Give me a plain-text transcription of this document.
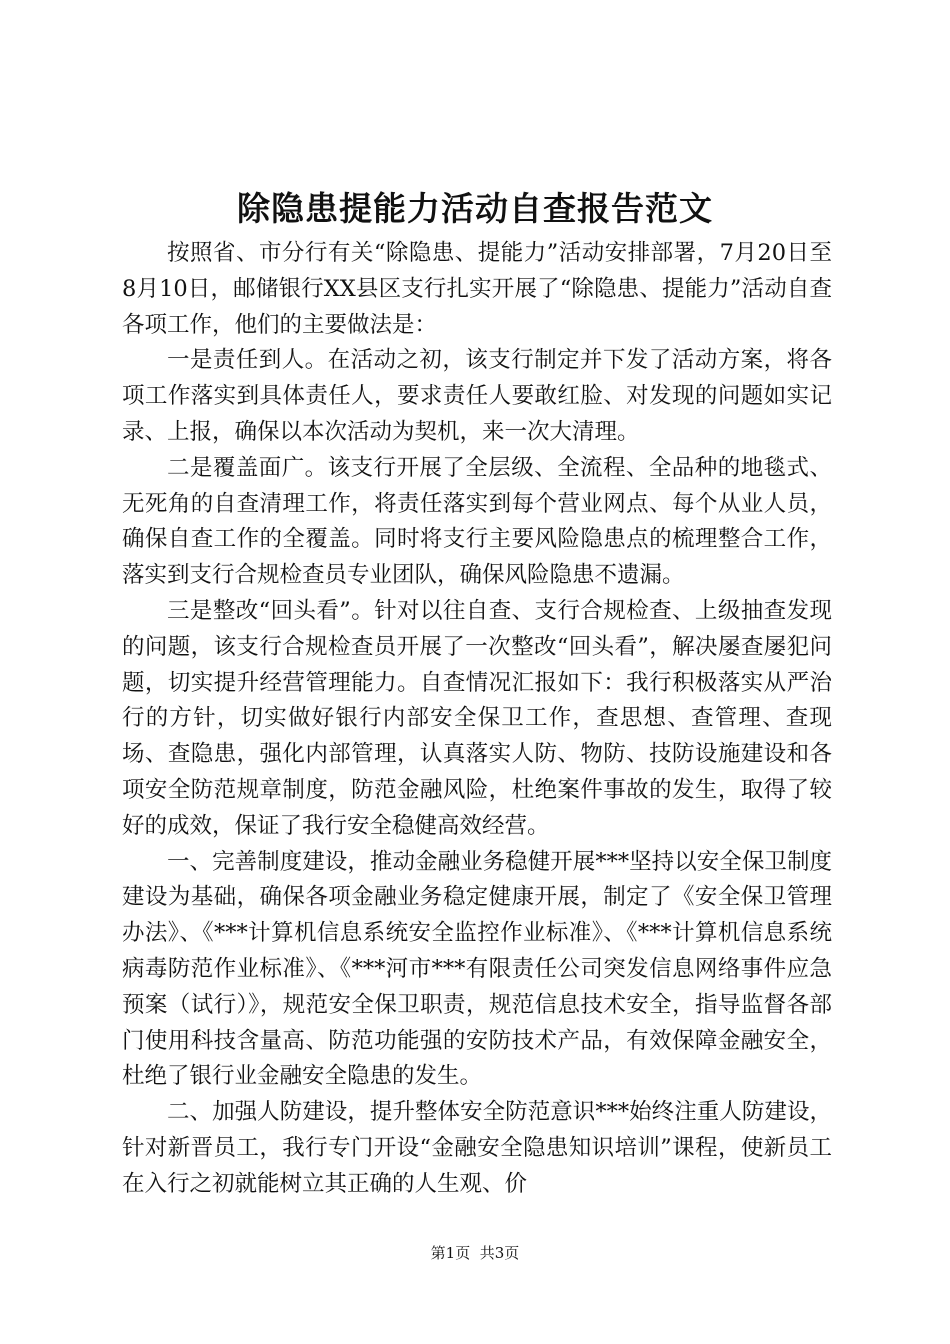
除隐患提能力活动自查报告范文

按照省、市分行有关“除隐患、提能力”活动安排部署，7月20日至8月10日，邮储银行XX县区支行扎实开展了“除隐患、提能力”活动自查各项工作，他们的主要做法是：

一是责任到人。在活动之初，该支行制定并下发了活动方案，将各项工作落实到具体责任人，要求责任人要敢红脸、对发现的问题如实记录、上报，确保以本次活动为契机，来一次大清理。

二是覆盖面广。该支行开展了全层级、全流程、全品种的地毯式、无死角的自查清理工作，将责任落实到每个营业网点、每个从业人员，确保自查工作的全覆盖。同时将支行主要风险隐患点的梳理整合工作，落实到支行合规检查员专业团队，确保风险隐患不遗漏。

三是整改“回头看”。针对以往自查、支行合规检查、上级抽查发现的问题，该支行合规检查员开展了一次整改“回头看”，解决屡查屡犯问题，切实提升经营管理能力。自查情况汇报如下：我行积极落实从严治行的方针，切实做好银行内部安全保卫工作，查思想、查管理、查现场、查隐患，强化内部管理，认真落实人防、物防、技防设施建设和各项安全防范规章制度，防范金融风险，杜绝案件事故的发生，取得了较好的成效，保证了我行安全稳健高效经营。

一、完善制度建设，推动金融业务稳健开展***坚持以安全保卫制度建设为基础，确保各项金融业务稳定健康开展，制定了《安全保卫管理办法》、《***计算机信息系统安全监控作业标准》、《***计算机信息系统病毒防范作业标准》、《***河市***有限责任公司突发信息网络事件应急预案（试行）》，规范安全保卫职责，规范信息技术安全，指导监督各部门使用科技含量高、防范功能强的安防技术产品，有效保障金融安全，杜绝了银行业金融安全隐患的发生。

二、加强人防建设，提升整体安全防范意识***始终注重人防建设，针对新晋员工，我行专门开设“金融安全隐患知识培训”课程，使新员工在入行之初就能树立其正确的人生观、价

第1页 共3页
